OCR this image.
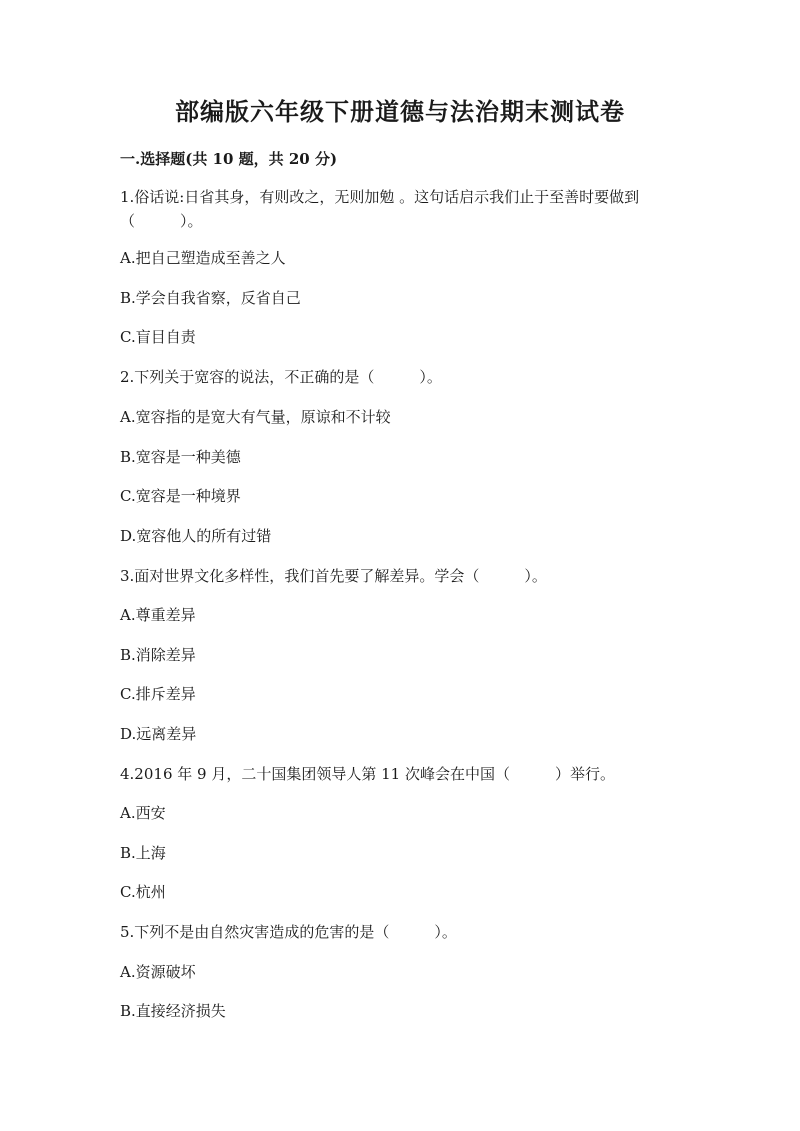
部编版六年级下册道德与法治期末测试卷
一.选择题(共 10 题，共 20 分)
1.俗话说:日省其身，有则改之，无则加勉 。这句话启示我们止于至善时要做到（　　　）。
A.把自己塑造成至善之人
B.学会自我省察，反省自己
C.盲目自责
2.下列关于宽容的说法，不正确的是（　　　）。
A.宽容指的是宽大有气量，原谅和不计较
B.宽容是一种美德
C.宽容是一种境界
D.宽容他人的所有过错
3.面对世界文化多样性，我们首先要了解差异。学会（　　　）。
A.尊重差异
B.消除差异
C.排斥差异
D.远离差异
4.2016 年 9 月，二十国集团领导人第 11 次峰会在中国（　　　）举行。
A.西安
B.上海
C.杭州
5.下列不是由自然灾害造成的危害的是（　　　）。
A.资源破坏
B.直接经济损失
